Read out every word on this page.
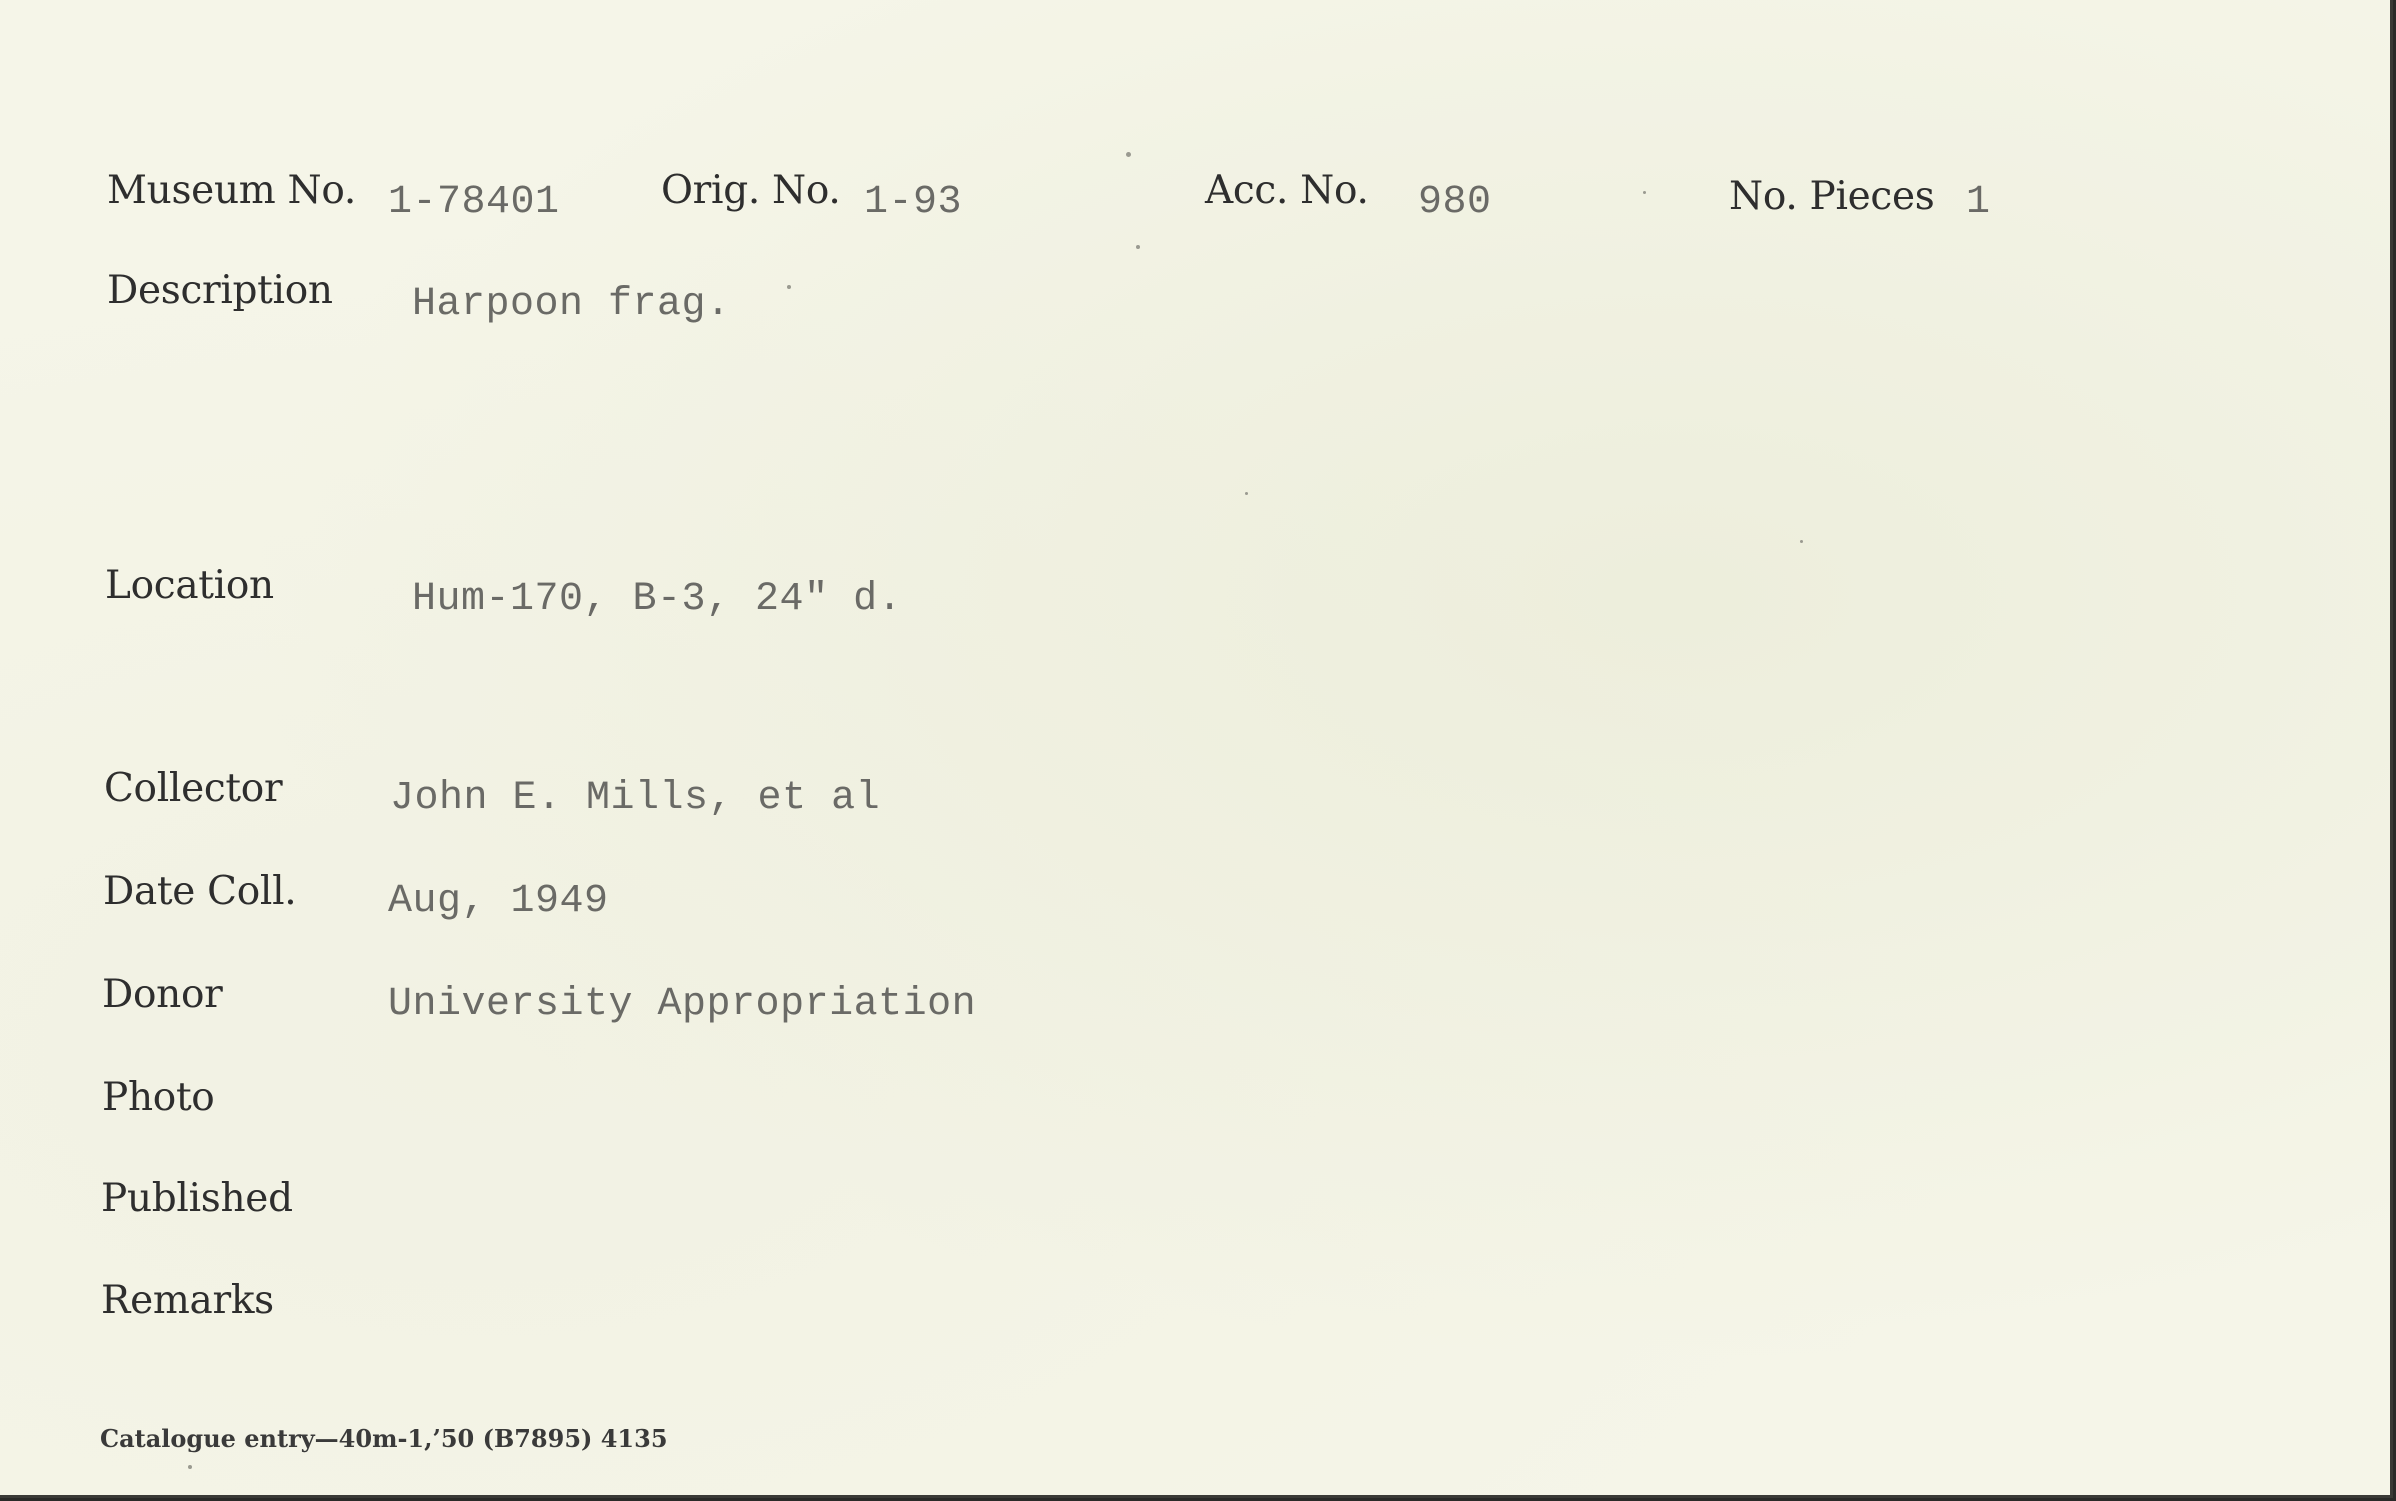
Museum No. 1-78401	Orig. No. 1-93	Acc. No. 980	No. Pieces 1
Description Harpoon frag.
Location	Hum-170, B-3, 24" d.
Collector	John E. Mills, et al
Date Coll. Aug, 1949
Donor	University Appropriation
Photo
Published
Remarks
Catalogue entry—40m-1,’50 (B7895) 4135
